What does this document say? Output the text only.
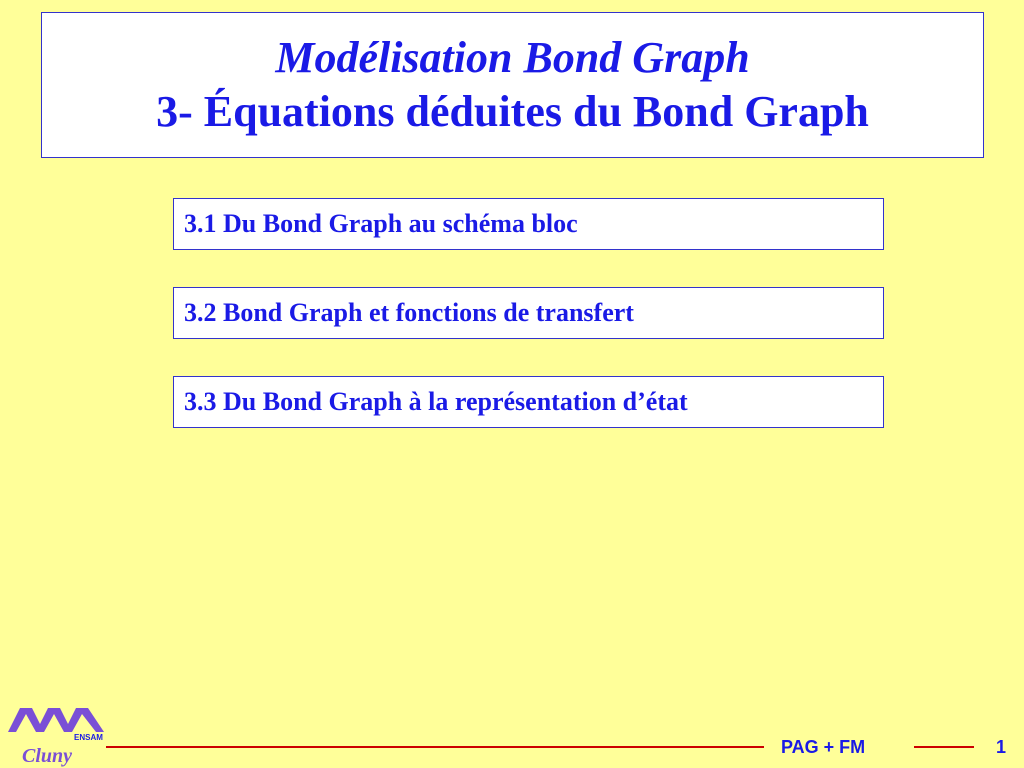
Modélisation Bond Graph
3- Équations déduites du Bond Graph
3.1 Du Bond Graph au schéma bloc
3.2 Bond Graph et fonctions de transfert
3.3 Du Bond Graph à la représentation d’état
ENSAM
Cluny	PAG + FM	1
